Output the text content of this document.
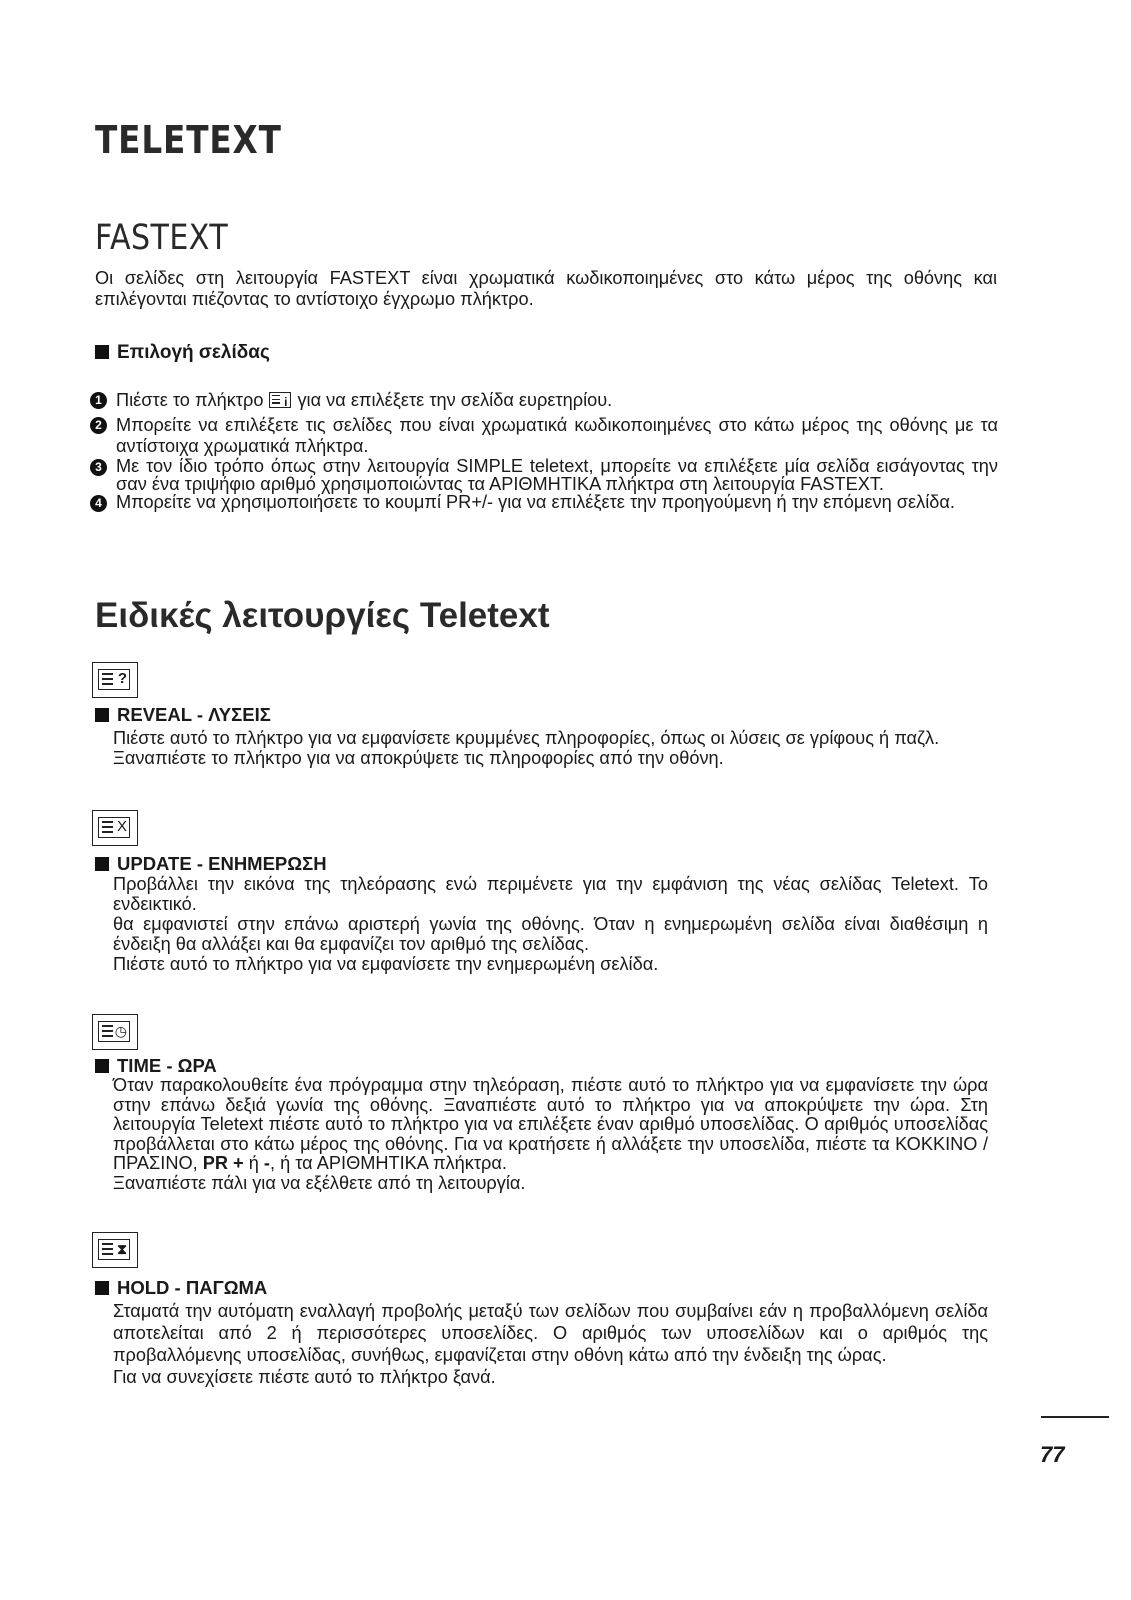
TELETEXT
FASTEXT

Οι σελίδες στη λειτουργία FASTEXT είναι χρωματικά κωδικοποιημένες στο κάτω μέρος της οθόνης και επιλέγονται πιέζοντας το αντίστοιχο έγχρωμο πλήκτρο.

Επιλογή σελίδας
1 Πιέστε το πλήκτρο i για να επιλέξετε την σελίδα ευρετηρίου.
2 Μπορείτε να επιλέξετε τις σελίδες που είναι χρωματικά κωδικοποιημένες στο κάτω μέρος της οθόνης με τα αντίστοιχα χρωματικά πλήκτρα.
3 Με τον ίδιο τρόπο όπως στην λειτουργία SIMPLE teletext, μπορείτε να επιλέξετε μία σελίδα εισάγοντας την σαν ένα τριψήφιο αριθμό χρησιμοποιώντας τα ΑΡΙΘΜΗΤΙΚΑ πλήκτρα στη λειτουργία FASTEXT.
4 Μπορείτε να χρησιμοποιήσετε το κουμπί PR+/- για να επιλέξετε την προηγούμενη ή την επόμενη σελίδα.
Ειδικές λειτουργίες Teletext
?
REVEAL - ΛΥΣΕΙΣ

Πιέστε αυτό το πλήκτρο για να εμφανίσετε κρυμμένες πληροφορίες, όπως οι λύσεις σε γρίφους ή παζλ.

Ξαναπιέστε το πλήκτρο για να αποκρύψετε τις πληροφορίες από την οθόνη.

X
UPDATE - ΕΝΗΜΕΡΩΣΗ

Προβάλλει την εικόνα της τηλεόρασης ενώ περιμένετε για την εμφάνιση της νέας σελίδας Teletext. Το ενδεικτικό.

θα εμφανιστεί στην επάνω αριστερή γωνία της οθόνης. Όταν η ενημερωμένη σελίδα είναι διαθέσιμη η ένδειξη θα αλλάξει και θα εμφανίζει τον αριθμό της σελίδας.

Πιέστε αυτό το πλήκτρο για να εμφανίσετε την ενημερωμένη σελίδα.

◷
TIME - ΩΡΑ

Όταν παρακολουθείτε ένα πρόγραμμα στην τηλεόραση, πιέστε αυτό το πλήκτρο για να εμφανίσετε την ώρα στην επάνω δεξιά γωνία της οθόνης. Ξαναπιέστε αυτό το πλήκτρο για να αποκρύψετε την ώρα. Στη λειτουργία Teletext πιέστε αυτό το πλήκτρο για να επιλέξετε έναν αριθμό υποσελίδας. Ο αριθμός υποσελίδας προβάλλεται στο κάτω μέρος της οθόνης. Για να κρατήσετε ή αλλάξετε την υποσελίδα, πιέστε τα ΚΟΚΚΙΝΟ / ΠΡΑΣΙΝΟ, PR + ή -, ή τα ΑΡΙΘΜΗΤΙΚΑ πλήκτρα.

Ξαναπιέστε πάλι για να εξέλθετε από τη λειτουργία.

⧗
HOLD - ΠΑΓΩΜΑ

Σταματά την αυτόματη εναλλαγή προβολής μεταξύ των σελίδων που συμβαίνει εάν η προβαλλόμενη σελίδα αποτελείται από 2 ή περισσότερες υποσελίδες. Ο αριθμός των υποσελίδων και ο αριθμός της προβαλλόμενης υποσελίδας, συνήθως, εμφανίζεται στην οθόνη κάτω από την ένδειξη της ώρας.

Για να συνεχίσετε πιέστε αυτό το πλήκτρο ξανά.

77
